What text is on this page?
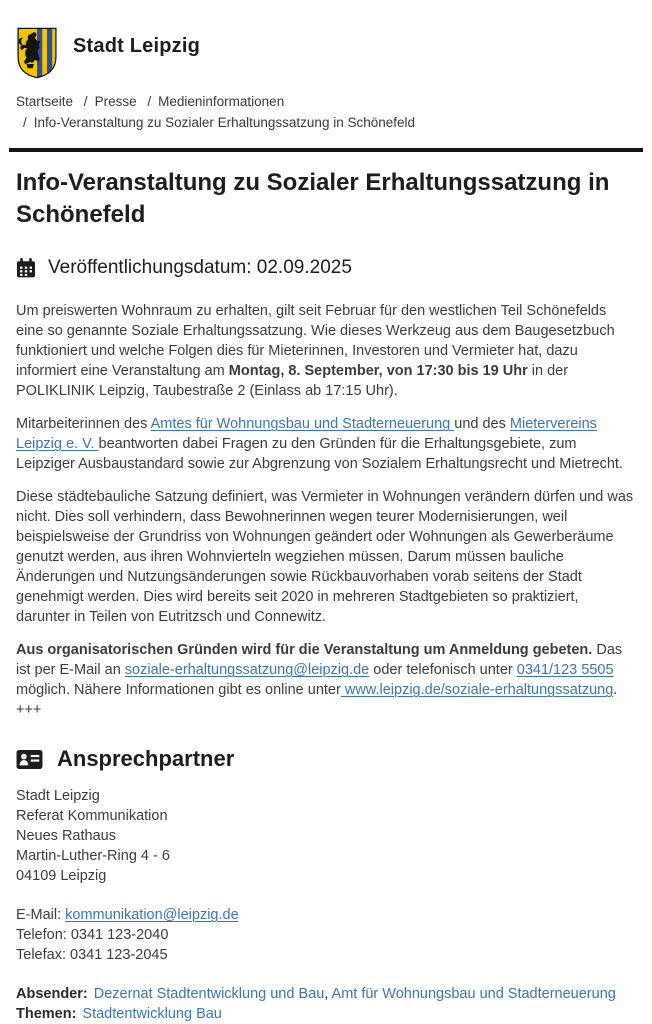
Stadt Leipzig
Startseite / Presse / Medieninformationen / Info-Veranstaltung zu Sozialer Erhaltungssatzung in Schönefeld
Info-Veranstaltung zu Sozialer Erhaltungssatzung in Schönefeld
Veröffentlichungsdatum: 02.09.2025

Um preiswerten Wohnraum zu erhalten, gilt seit Februar für den westlichen Teil Schönefelds eine so genannte Soziale Erhaltungssatzung. Wie dieses Werkzeug aus dem Baugesetzbuch funktioniert und welche Folgen dies für Mieterinnen, Investoren und Vermieter hat, dazu informiert eine Veranstaltung am Montag, 8. September, von 17:30 bis 19 Uhr in der POLIKLINIK Leipzig, Taubestraße 2 (Einlass ab 17:15 Uhr).

Mitarbeiterinnen des Amtes für Wohnungsbau und Stadterneuerung und des Mietervereins Leipzig e. V. beantworten dabei Fragen zu den Gründen für die Erhaltungsgebiete, zum Leipziger Ausbaustandard sowie zur Abgrenzung von Sozialem Erhaltungsrecht und Mietrecht.

Diese städtebauliche Satzung definiert, was Vermieter in Wohnungen verändern dürfen und was nicht. Dies soll verhindern, dass Bewohnerinnen wegen teurer Modernisierungen, weil beispielsweise der Grundriss von Wohnungen geändert oder Wohnungen als Gewerberäume genutzt werden, aus ihren Wohnvierteln wegziehen müssen. Darum müssen bauliche Änderungen und Nutzungsänderungen sowie Rückbauvorhaben vorab seitens der Stadt genehmigt werden. Dies wird bereits seit 2020 in mehreren Stadtgebieten so praktiziert, darunter in Teilen von Eutritzsch und Connewitz.

Aus organisatorischen Gründen wird für die Veranstaltung um Anmeldung gebeten. Das ist per E-Mail an soziale-erhaltungssatzung@leipzig.de oder telefonisch unter 0341/123 5505 möglich. Nähere Informationen gibt es online unter www.leipzig.de/soziale-erhaltungssatzung. +++

Ansprechpartner
Stadt Leipzig
Referat Kommunikation
Neues Rathaus
Martin-Luther-Ring 4 - 6
04109 Leipzig
E-Mail: kommunikation@leipzig.de
Telefon: 0341 123-2040
Telefax: 0341 123-2045
Absender: Dezernat Stadtentwicklung und Bau, Amt für Wohnungsbau und Stadterneuerung
Themen: Stadtentwicklung Bau
